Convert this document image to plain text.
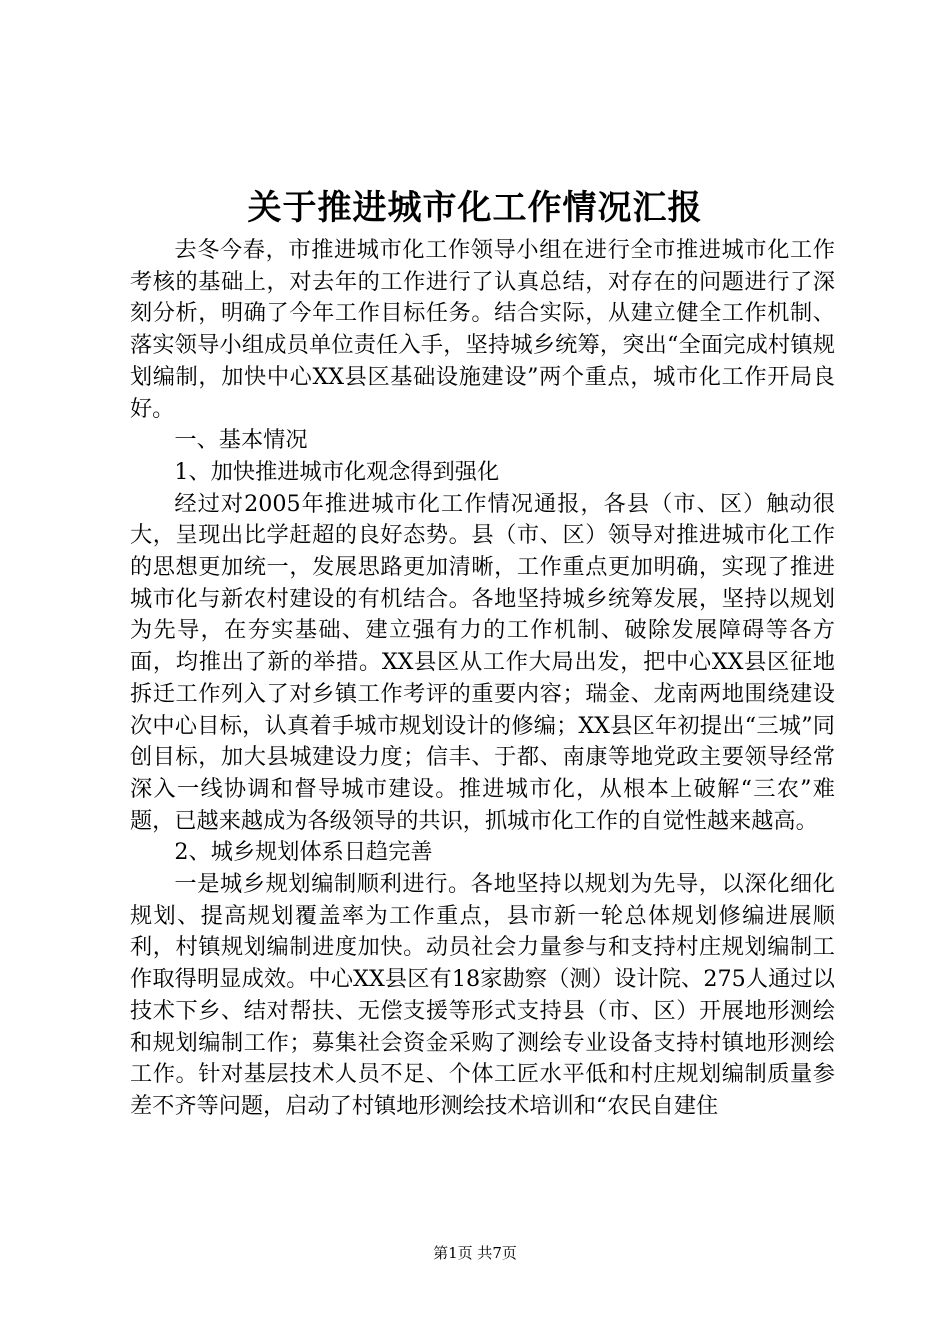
关于推进城市化工作情况汇报

去冬今春，市推进城市化工作领导小组在进行全市推进城市化工作考核的基础上，对去年的工作进行了认真总结，对存在的问题进行了深刻分析，明确了今年工作目标任务。结合实际，从建立健全工作机制、落实领导小组成员单位责任入手，坚持城乡统筹，突出“全面完成村镇规划编制，加快中心XX县区基础设施建设”两个重点，城市化工作开局良好。

一、基本情况

1、加快推进城市化观念得到强化

经过对2005年推进城市化工作情况通报，各县（市、区）触动很大，呈现出比学赶超的良好态势。县（市、区）领导对推进城市化工作的思想更加统一，发展思路更加清晰，工作重点更加明确，实现了推进城市化与新农村建设的有机结合。各地坚持城乡统筹发展，坚持以规划为先导，在夯实基础、建立强有力的工作机制、破除发展障碍等各方面，均推出了新的举措。XX县区从工作大局出发，把中心XX县区征地拆迁工作列入了对乡镇工作考评的重要内容；瑞金、龙南两地围绕建设次中心目标，认真着手城市规划设计的修编；XX县区年初提出“三城”同创目标，加大县城建设力度；信丰、于都、南康等地党政主要领导经常深入一线协调和督导城市建设。推进城市化，从根本上破解“三农”难题，已越来越成为各级领导的共识，抓城市化工作的自觉性越来越高。

2、城乡规划体系日趋完善

一是城乡规划编制顺利进行。各地坚持以规划为先导，以深化细化规划、提高规划覆盖率为工作重点，县市新一轮总体规划修编进展顺利，村镇规划编制进度加快。动员社会力量参与和支持村庄规划编制工作取得明显成效。中心XX县区有18家勘察（测）设计院、275人通过以技术下乡、结对帮扶、无偿支援等形式支持县（市、区）开展地形测绘和规划编制工作；募集社会资金采购了测绘专业设备支持村镇地形测绘工作。针对基层技术人员不足、个体工匠水平低和村庄规划编制质量参差不齐等问题，启动了村镇地形测绘技术培训和“农民自建住

第1页 共7页
